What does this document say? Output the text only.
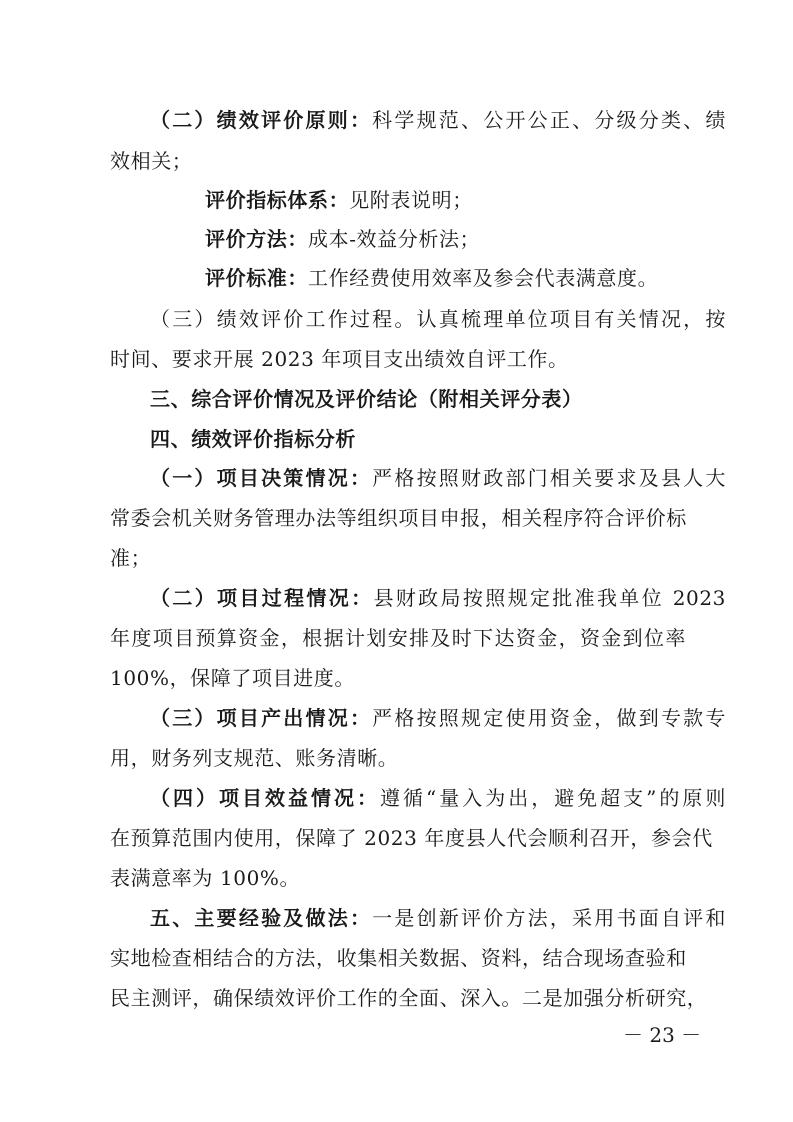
（二）绩效评价原则：科学规范、公开公正、分级分类、绩
效相关；
评价指标体系：见附表说明；
评价方法：成本-效益分析法；
评价标准：工作经费使用效率及参会代表满意度。
（三）绩效评价工作过程。认真梳理单位项目有关情况，按
时间、要求开展 2023 年项目支出绩效自评工作。
三、综合评价情况及评价结论（附相关评分表）
四、绩效评价指标分析
（一）项目决策情况：严格按照财政部门相关要求及县人大
常委会机关财务管理办法等组织项目申报，相关程序符合评价标
准；
（二）项目过程情况：县财政局按照规定批准我单位 2023
年度项目预算资金，根据计划安排及时下达资金，资金到位率
100%，保障了项目进度。
（三）项目产出情况：严格按照规定使用资金，做到专款专
用，财务列支规范、账务清晰。
（四）项目效益情况：遵循“量入为出，避免超支”的原则
在预算范围内使用，保障了 2023 年度县人代会顺利召开，参会代
表满意率为 100%。
五、主要经验及做法：一是创新评价方法，采用书面自评和
实地检查相结合的方法，收集相关数据、资料，结合现场查验和
民主测评，确保绩效评价工作的全面、深入。二是加强分析研究，
－ 23 －
